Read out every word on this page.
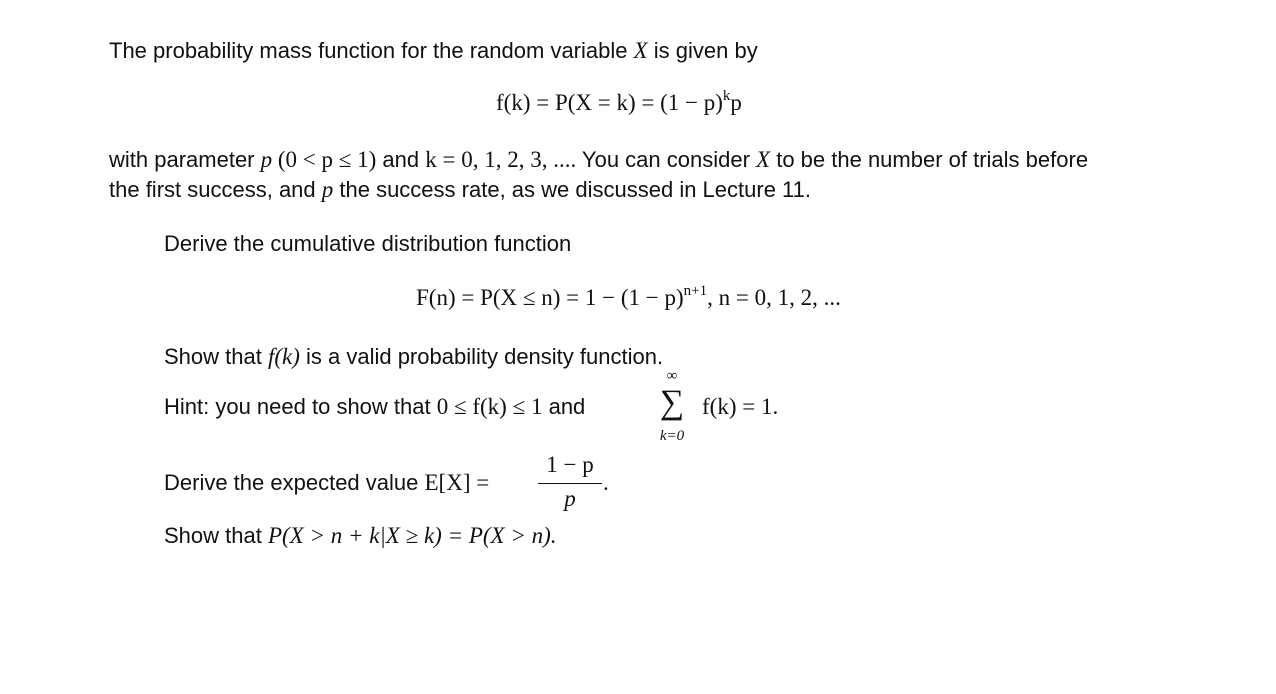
The probability mass function for the random variable X is given by
$f(k) = P(X = k) = (1 - p)^kp$
with parameter p (0 < p ≤ 1) and k = 0, 1, 2, 3, .... You can consider X to be the number of trials before
the first success, and p the success rate, as we discussed in Lecture 11.
Derive the cumulative distribution function
$F(n) = P(X \le n) = 1 - (1 - p)^{n+1}$, n = 0, 1, 2, ...
Show that f(k) is a valid probability density function.
Hint: you need to show that 0 ≤ f(k) ≤ 1 and
∞
∑
k=0
f(k) = 1.
Derive the expected value E[X] =
1 − p
p
.
Show that P(X > n + k|X ≥ k) = P(X > n).
